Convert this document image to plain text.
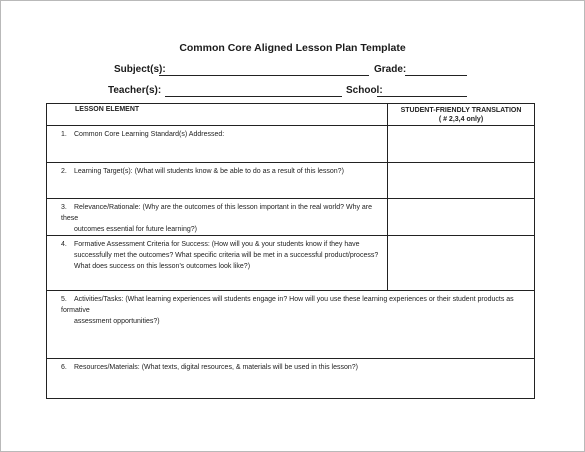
Common Core Aligned Lesson Plan Template
Subject(s):	Grade:
Teacher(s):	School:
LESSON ELEMENT	STUDENT-FRIENDLY TRANSLATION
( # 2,3,4 only)

1. Common Core Learning Standard(s) Addressed:	

2. Learning Target(s): (What will students know & be able to do as a result of this lesson?)	

3. Relevance/Rationale: (Why are the outcomes of this lesson important in the real world? Why are these
outcomes essential for future learning?)	

4. Formative Assessment Criteria for Success: (How will you & your students know if they have
successfully met the outcomes? What specific criteria will be met in a successful product/process?
What does success on this lesson's outcomes look like?)	

5. Activities/Tasks: (What learning experiences will students engage in? How will you use these learning experiences or their student products as formative
assessment opportunities?)	

6. Resources/Materials: (What texts, digital resources, & materials will be used in this lesson?)	
